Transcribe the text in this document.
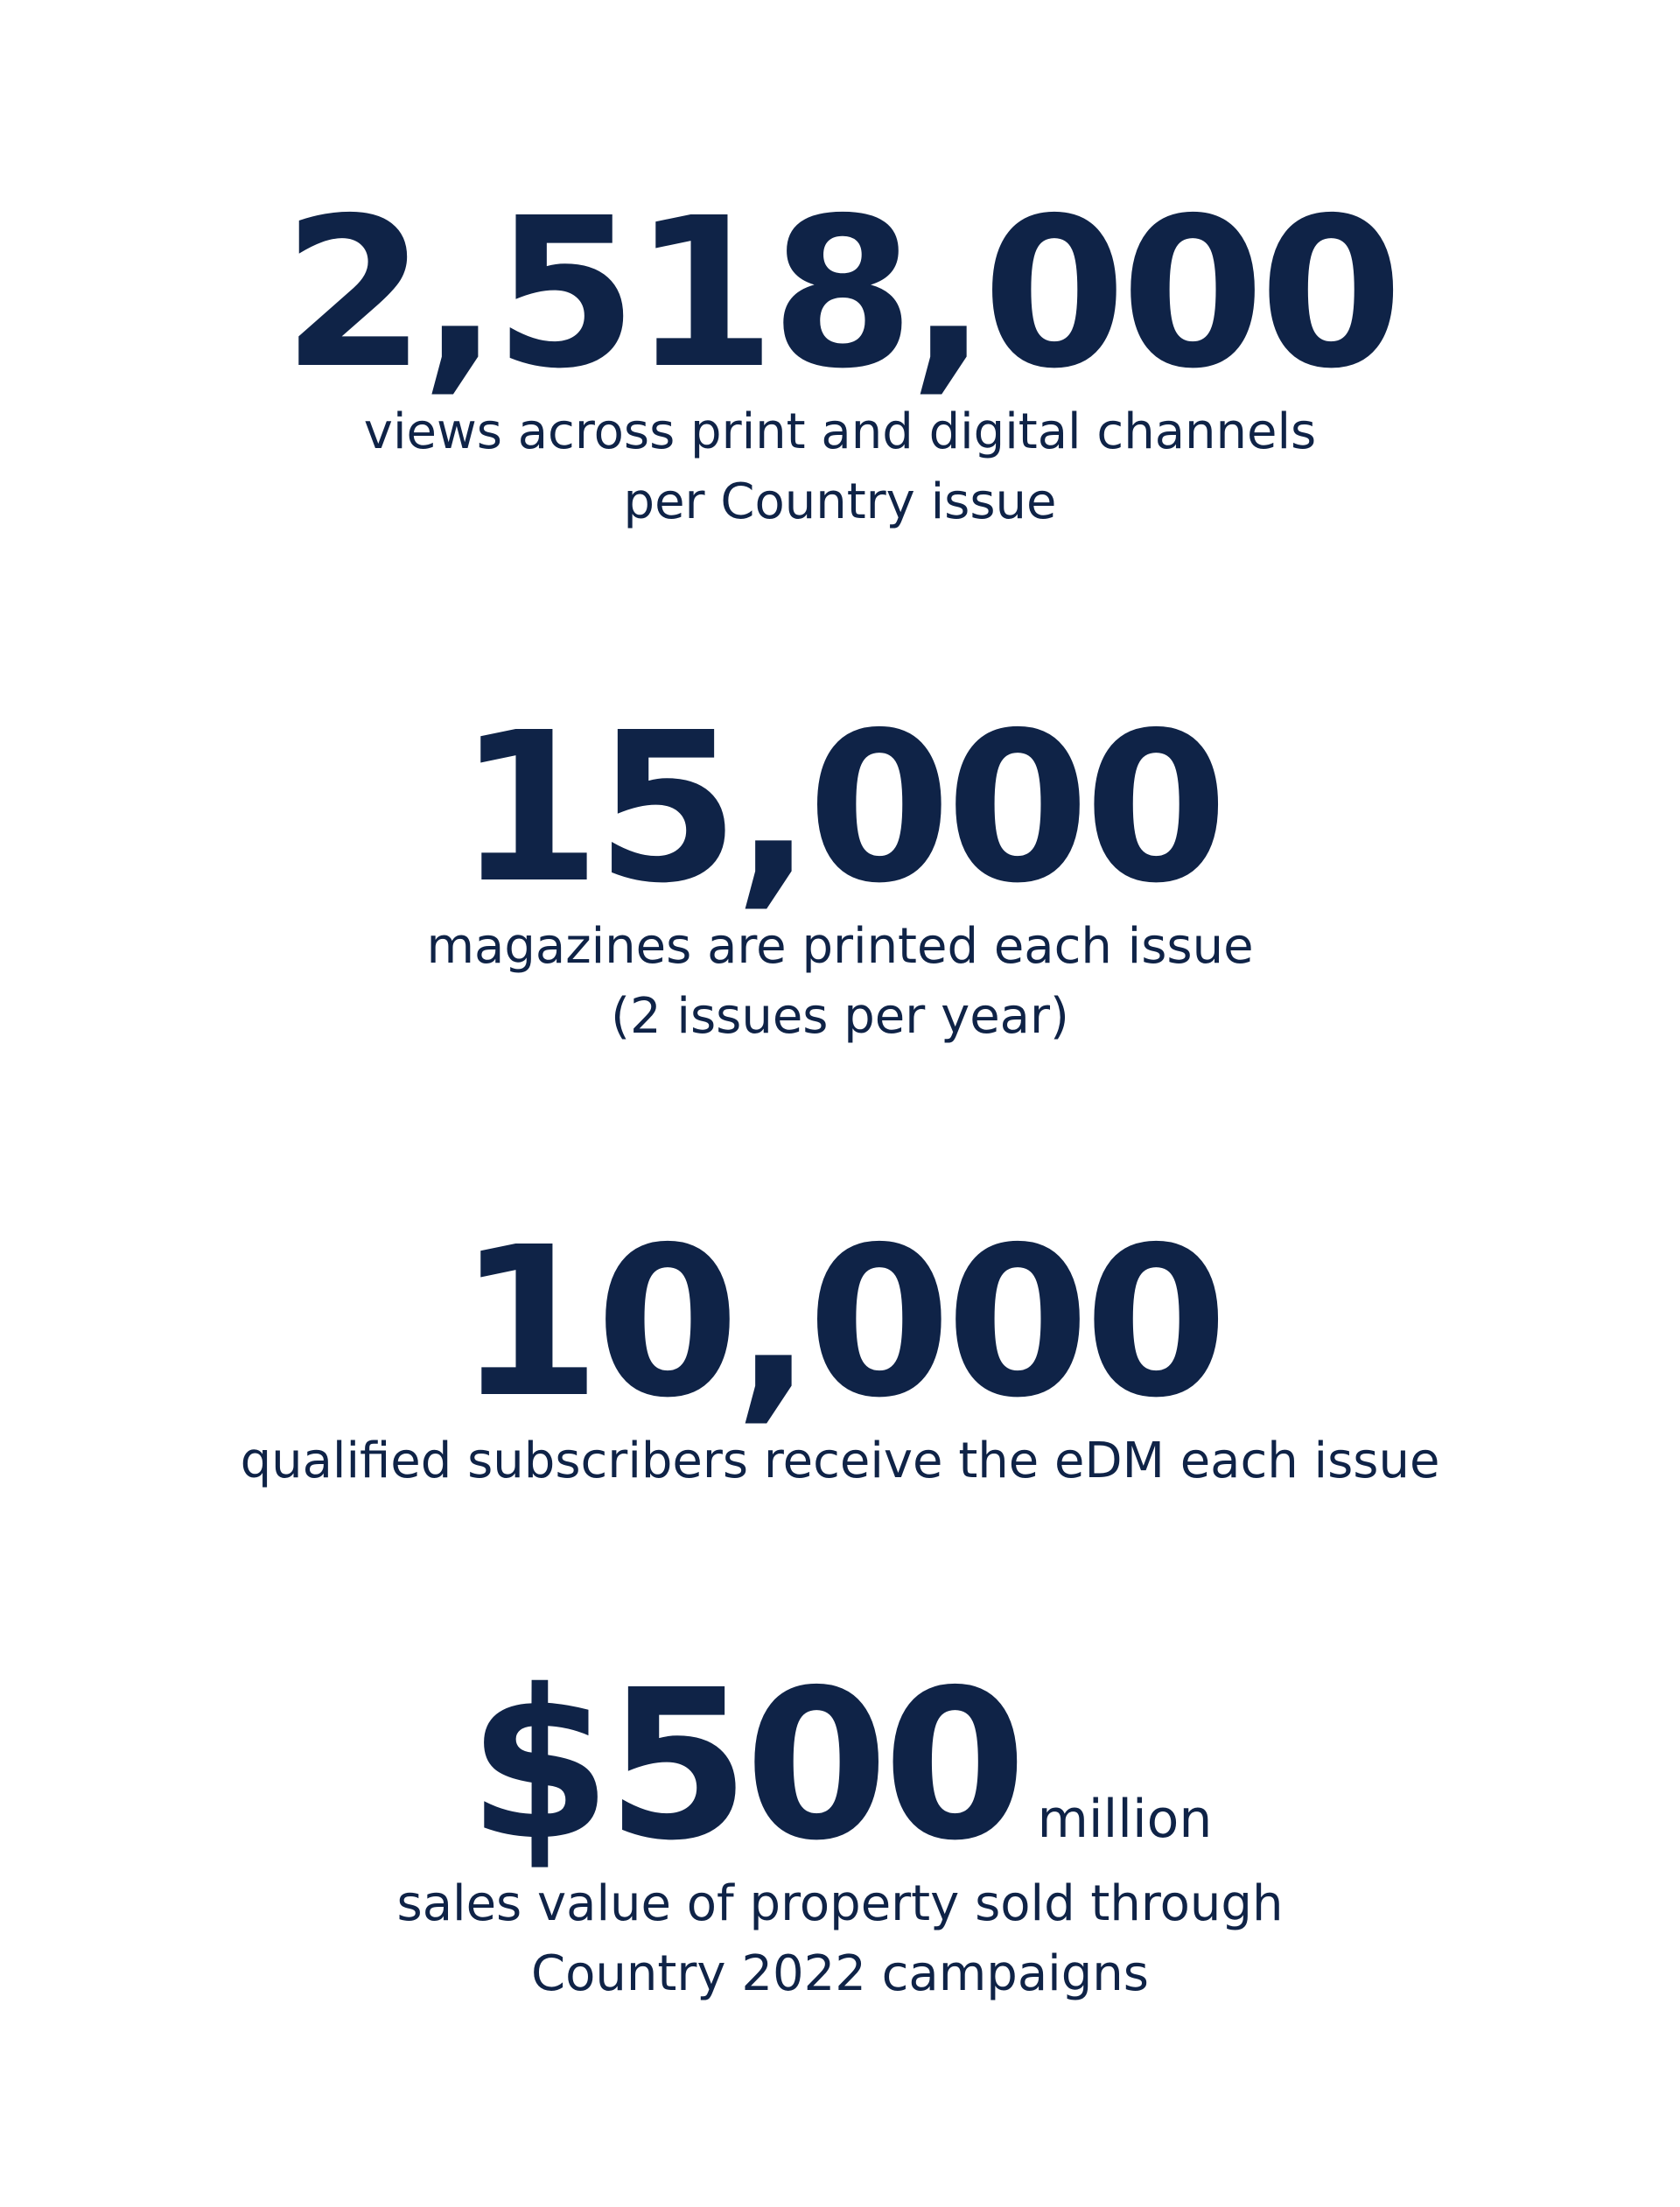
2,518,000
views across print and digital channels
per Country issue
15,000
magazines are printed each issue
(2 issues per year)
10,000
qualified subscribers receive the eDM each issue
$500 million
sales value of property sold through
Country 2022 campaigns
